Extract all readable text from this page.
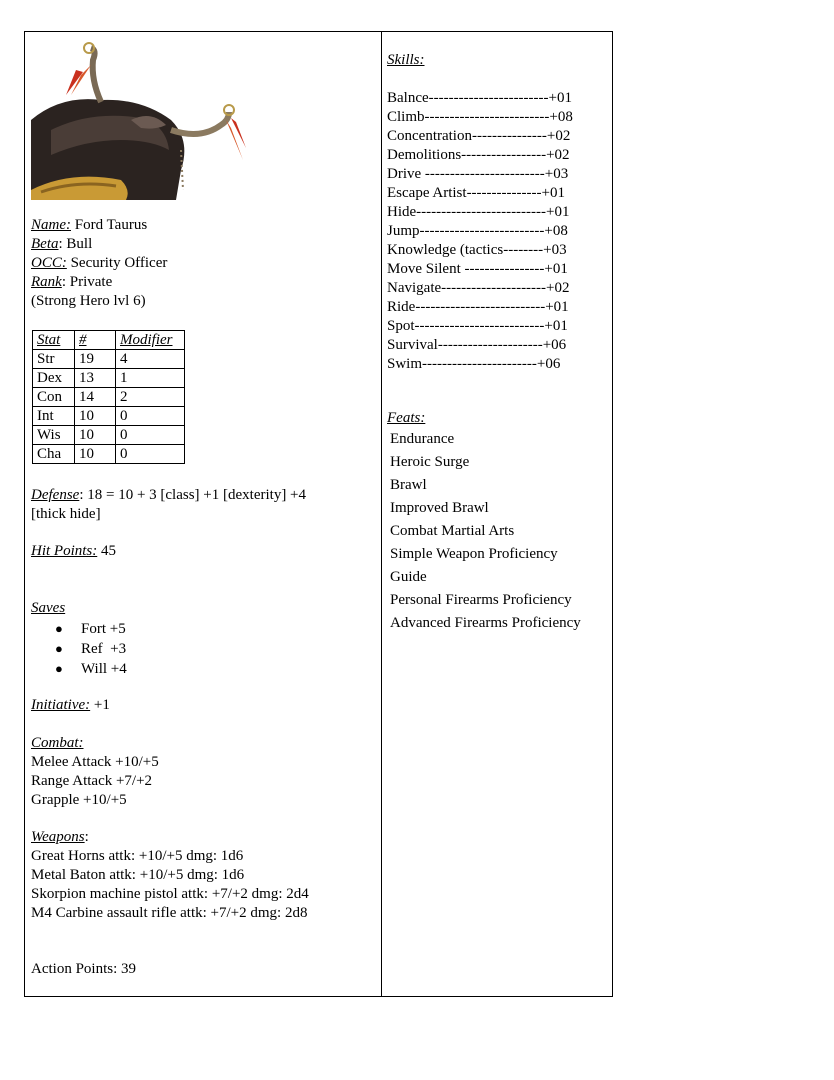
Name: Ford Taurus
Beta: Bull
OCC: Security Officer
Rank: Private
(Strong Hero lvl 6)
Stat	#	Modifier
Str	19	4
Dex	13	1
Con	14	2
Int	10	0
Wis	10	0
Cha	10	0
Defense: 18 = 10 + 3 [class] +1 [dexterity] +4
[thick hide]
Hit Points: 45
Saves
● Fort +5
● Ref  +3
● Will +4
Initiative: +1
Combat:
Melee Attack +10/+5
Range Attack +7/+2
Grapple +10/+5
Weapons:
Great Horns attk: +10/+5 dmg: 1d6
Metal Baton attk: +10/+5 dmg: 1d6
Skorpion machine pistol attk: +7/+2 dmg: 2d4
M4 Carbine assault rifle attk: +7/+2 dmg: 2d8
Action Points: 39
Skills:
Balnce------------------------+01
Climb-------------------------+08
Concentration---------------+02
Demolitions-----------------+02
Drive ------------------------+03
Escape Artist---------------+01
Hide--------------------------+01
Jump-------------------------+08
Knowledge (tactics--------+03
Move Silent ----------------+01
Navigate---------------------+02
Ride--------------------------+01
Spot--------------------------+01
Survival---------------------+06
Swim-----------------------+06
Feats:
Endurance
Heroic Surge
Brawl
Improved Brawl
Combat Martial Arts
Simple Weapon Proficiency
Guide
Personal Firearms Proficiency
Advanced Firearms Proficiency
